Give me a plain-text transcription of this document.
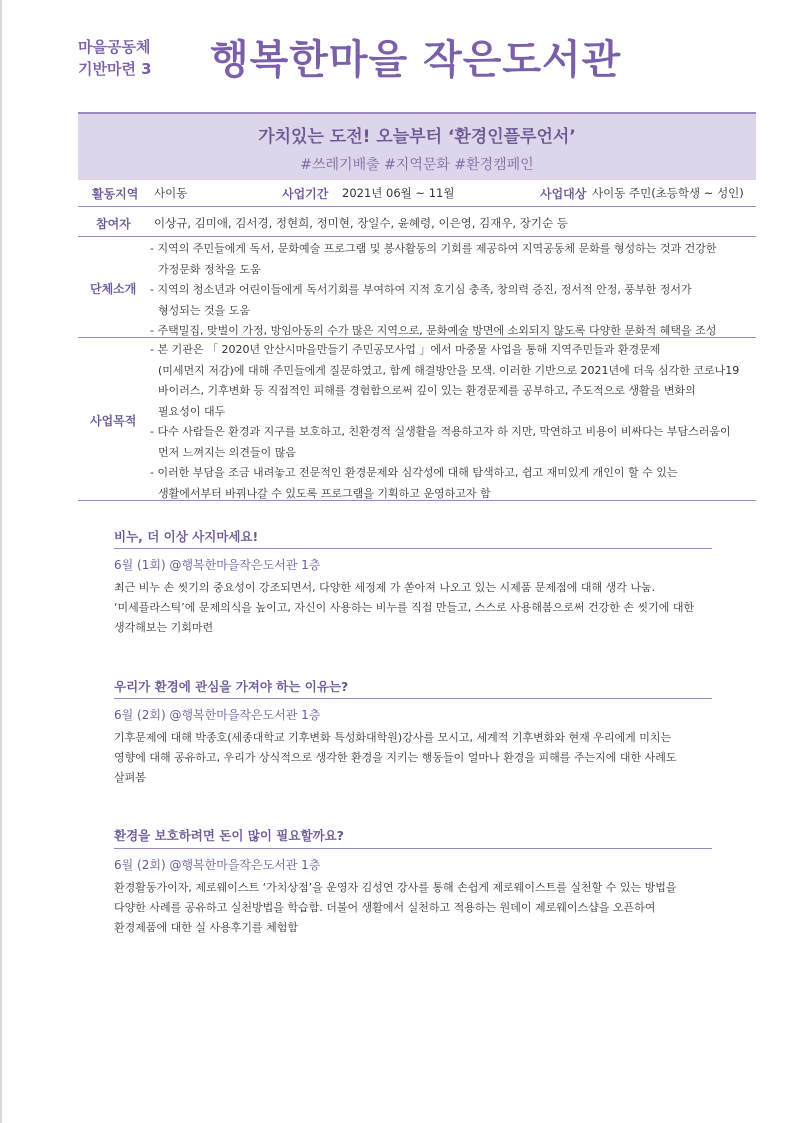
마을공동체
기반마련 3	행복한마을 작은도서관
가치있는 도전! 오늘부터 ‘환경인플루언서’
#쓰레기배출 #지역문화 #환경캠페인
활동지역 사이동	사업기간 2021년 06월 ~ 11월	사업대상 사이동 주민(초등학생 ~ 성인)
참여자 이상규, 김미애, 김서경, 정현희, 정미현, 장일수, 윤혜령, 이은영, 김재우, 장기순 등
단체소개
- 지역의 주민들에게 독서, 문화예술 프로그램 및 봉사활동의 기회를 제공하여 지역공동체 문화를 형성하는 것과 건강한
가정문화 정착을 도움
- 지역의 청소년과 어린이들에게 독서기회를 부여하여 지적 호기심 충족, 창의력 증진, 정서적 안정, 풍부한 정서가
형성되는 것을 도움
- 주택밀집, 맞벌이 가정, 방임아동의 수가 많은 지역으로, 문화예술 방면에 소외되지 않도록 다양한 문화적 혜택을 조성
사업목적
- 본 기관은 「 2020년 안산시마을만들기 주민공모사업 」에서 마중물 사업을 통해 지역주민들과 환경문제
(미세먼지 저감)에 대해 주민들에게 질문하였고, 함께 해결방안을 모색. 이러한 기반으로 2021년에 더욱 심각한 코로나19
바이러스, 기후변화 등 직접적인 피해를 경험함으로써 깊이 있는 환경문제를 공부하고, 주도적으로 생활을 변화의
필요성이 대두
- 다수 사람들은 환경과 지구를 보호하고, 친환경적 실생활을 적용하고자 하 지만, 막연하고 비용이 비싸다는 부담스러움이
먼저 느껴지는 의견들이 많음
- 이러한 부담을 조금 내려놓고 전문적인 환경문제와 심각성에 대해 탐색하고, 쉽고 재미있게 개인이 할 수 있는
생활에서부터 바꿔나갈 수 있도록 프로그램을 기획하고 운영하고자 함
비누, 더 이상 사지마세요!
6월 (1회) @행복한마을작은도서관 1층
최근 비누 손 씻기의 중요성이 강조되면서, 다양한 세정제 가 쏟아져 나오고 있는 시제품 문제점에 대해 생각 나눔.
‘미세플라스틱’에 문제의식을 높이고, 자신이 사용하는 비누를 직접 만들고, 스스로 사용해봄으로써 건강한 손 씻기에 대한
생각해보는 기회마련
우리가 환경에 관심을 가져야 하는 이유는?
6월 (2회) @행복한마을작은도서관 1층
기후문제에 대해 박종호(세종대학교 기후변화 특성화대학원)강사를 모시고, 세계적 기후변화와 현재 우리에게 미치는
영향에 대해 공유하고, 우리가 상식적으로 생각한 환경을 지키는 행동들이 얼마나 환경을 피해를 주는지에 대한 사례도
살펴봄
환경을 보호하려면 돈이 많이 필요할까요?
6월 (2회) @행복한마을작은도서관 1층
환경활동가이자, 제로웨이스트 ‘가치상점’을 운영자 김성연 강사를 통해 손쉽게 제로웨이스트를 실천할 수 있는 방법을
다양한 사례를 공유하고 실천방법을 학습함. 더불어 생활에서 실천하고 적용하는 원데이 제로웨이스샵을 오픈하여
환경제품에 대한 실 사용후기를 체험함
